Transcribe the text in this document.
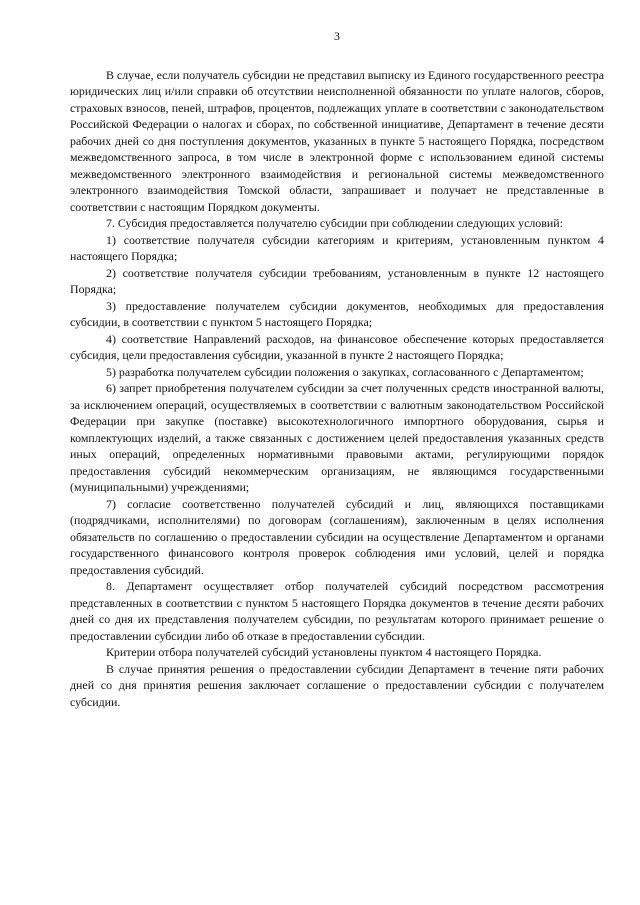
3

В случае, если получатель субсидии не представил выписку из Единого государственного реестра юридических лиц и/или справки об отсутствии неисполненной обязанности по уплате налогов, сборов, страховых взносов, пеней, штрафов, процентов, подлежащих уплате в соответствии с законодательством Российской Федерации о налогах и сборах, по собственной инициативе, Департамент в течение десяти рабочих дней со дня поступления документов, указанных в пункте 5 настоящего Порядка, посредством межведомственного запроса, в том числе в электронной форме с использованием единой системы межведомственного электронного взаимодействия и региональной системы межведомственного электронного взаимодействия Томской области, запрашивает и получает не представленные в соответствии с настоящим Порядком документы.

7. Субсидия предоставляется получателю субсидии при соблюдении следующих условий:

1) соответствие получателя субсидии категориям и критериям, установленным пунктом 4 настоящего Порядка;

2) соответствие получателя субсидии требованиям, установленным в пункте 12 настоящего Порядка;

3) предоставление получателем субсидии документов, необходимых для предоставления субсидии, в соответствии с пунктом 5 настоящего Порядка;

4) соответствие Направлений расходов, на финансовое обеспечение которых предоставляется субсидия, цели предоставления субсидии, указанной в пункте 2 настоящего Порядка;

5) разработка получателем субсидии положения о закупках, согласованного с Департаментом;

6) запрет приобретения получателем субсидии за счет полученных средств иностранной валюты, за исключением операций, осуществляемых в соответствии с валютным законодательством Российской Федерации при закупке (поставке) высокотехнологичного импортного оборудования, сырья и комплектующих изделий, а также связанных с достижением целей предоставления указанных средств иных операций, определенных нормативными правовыми актами, регулирующими порядок предоставления субсидий некоммерческим организациям, не являющимся государственными (муниципальными) учреждениями;

7) согласие соответственно получателей субсидий и лиц, являющихся поставщиками (подрядчиками, исполнителями) по договорам (соглашениям), заключенным в целях исполнения обязательств по соглашению о предоставлении субсидии на осуществление Департаментом и органами государственного финансового контроля проверок соблюдения ими условий, целей и порядка предоставления субсидий.

8. Департамент осуществляет отбор получателей субсидий посредством рассмотрения представленных в соответствии с пунктом 5 настоящего Порядка документов в течение десяти рабочих дней со дня их представления получателем субсидии, по результатам которого принимает решение о предоставлении субсидии либо об отказе в предоставлении субсидии.

Критерии отбора получателей субсидий установлены пунктом 4 настоящего Порядка.

В случае принятия решения о предоставлении субсидии Департамент в течение пяти рабочих дней со дня принятия решения заключает соглашение о предоставлении субсидии с получателем субсидии.
